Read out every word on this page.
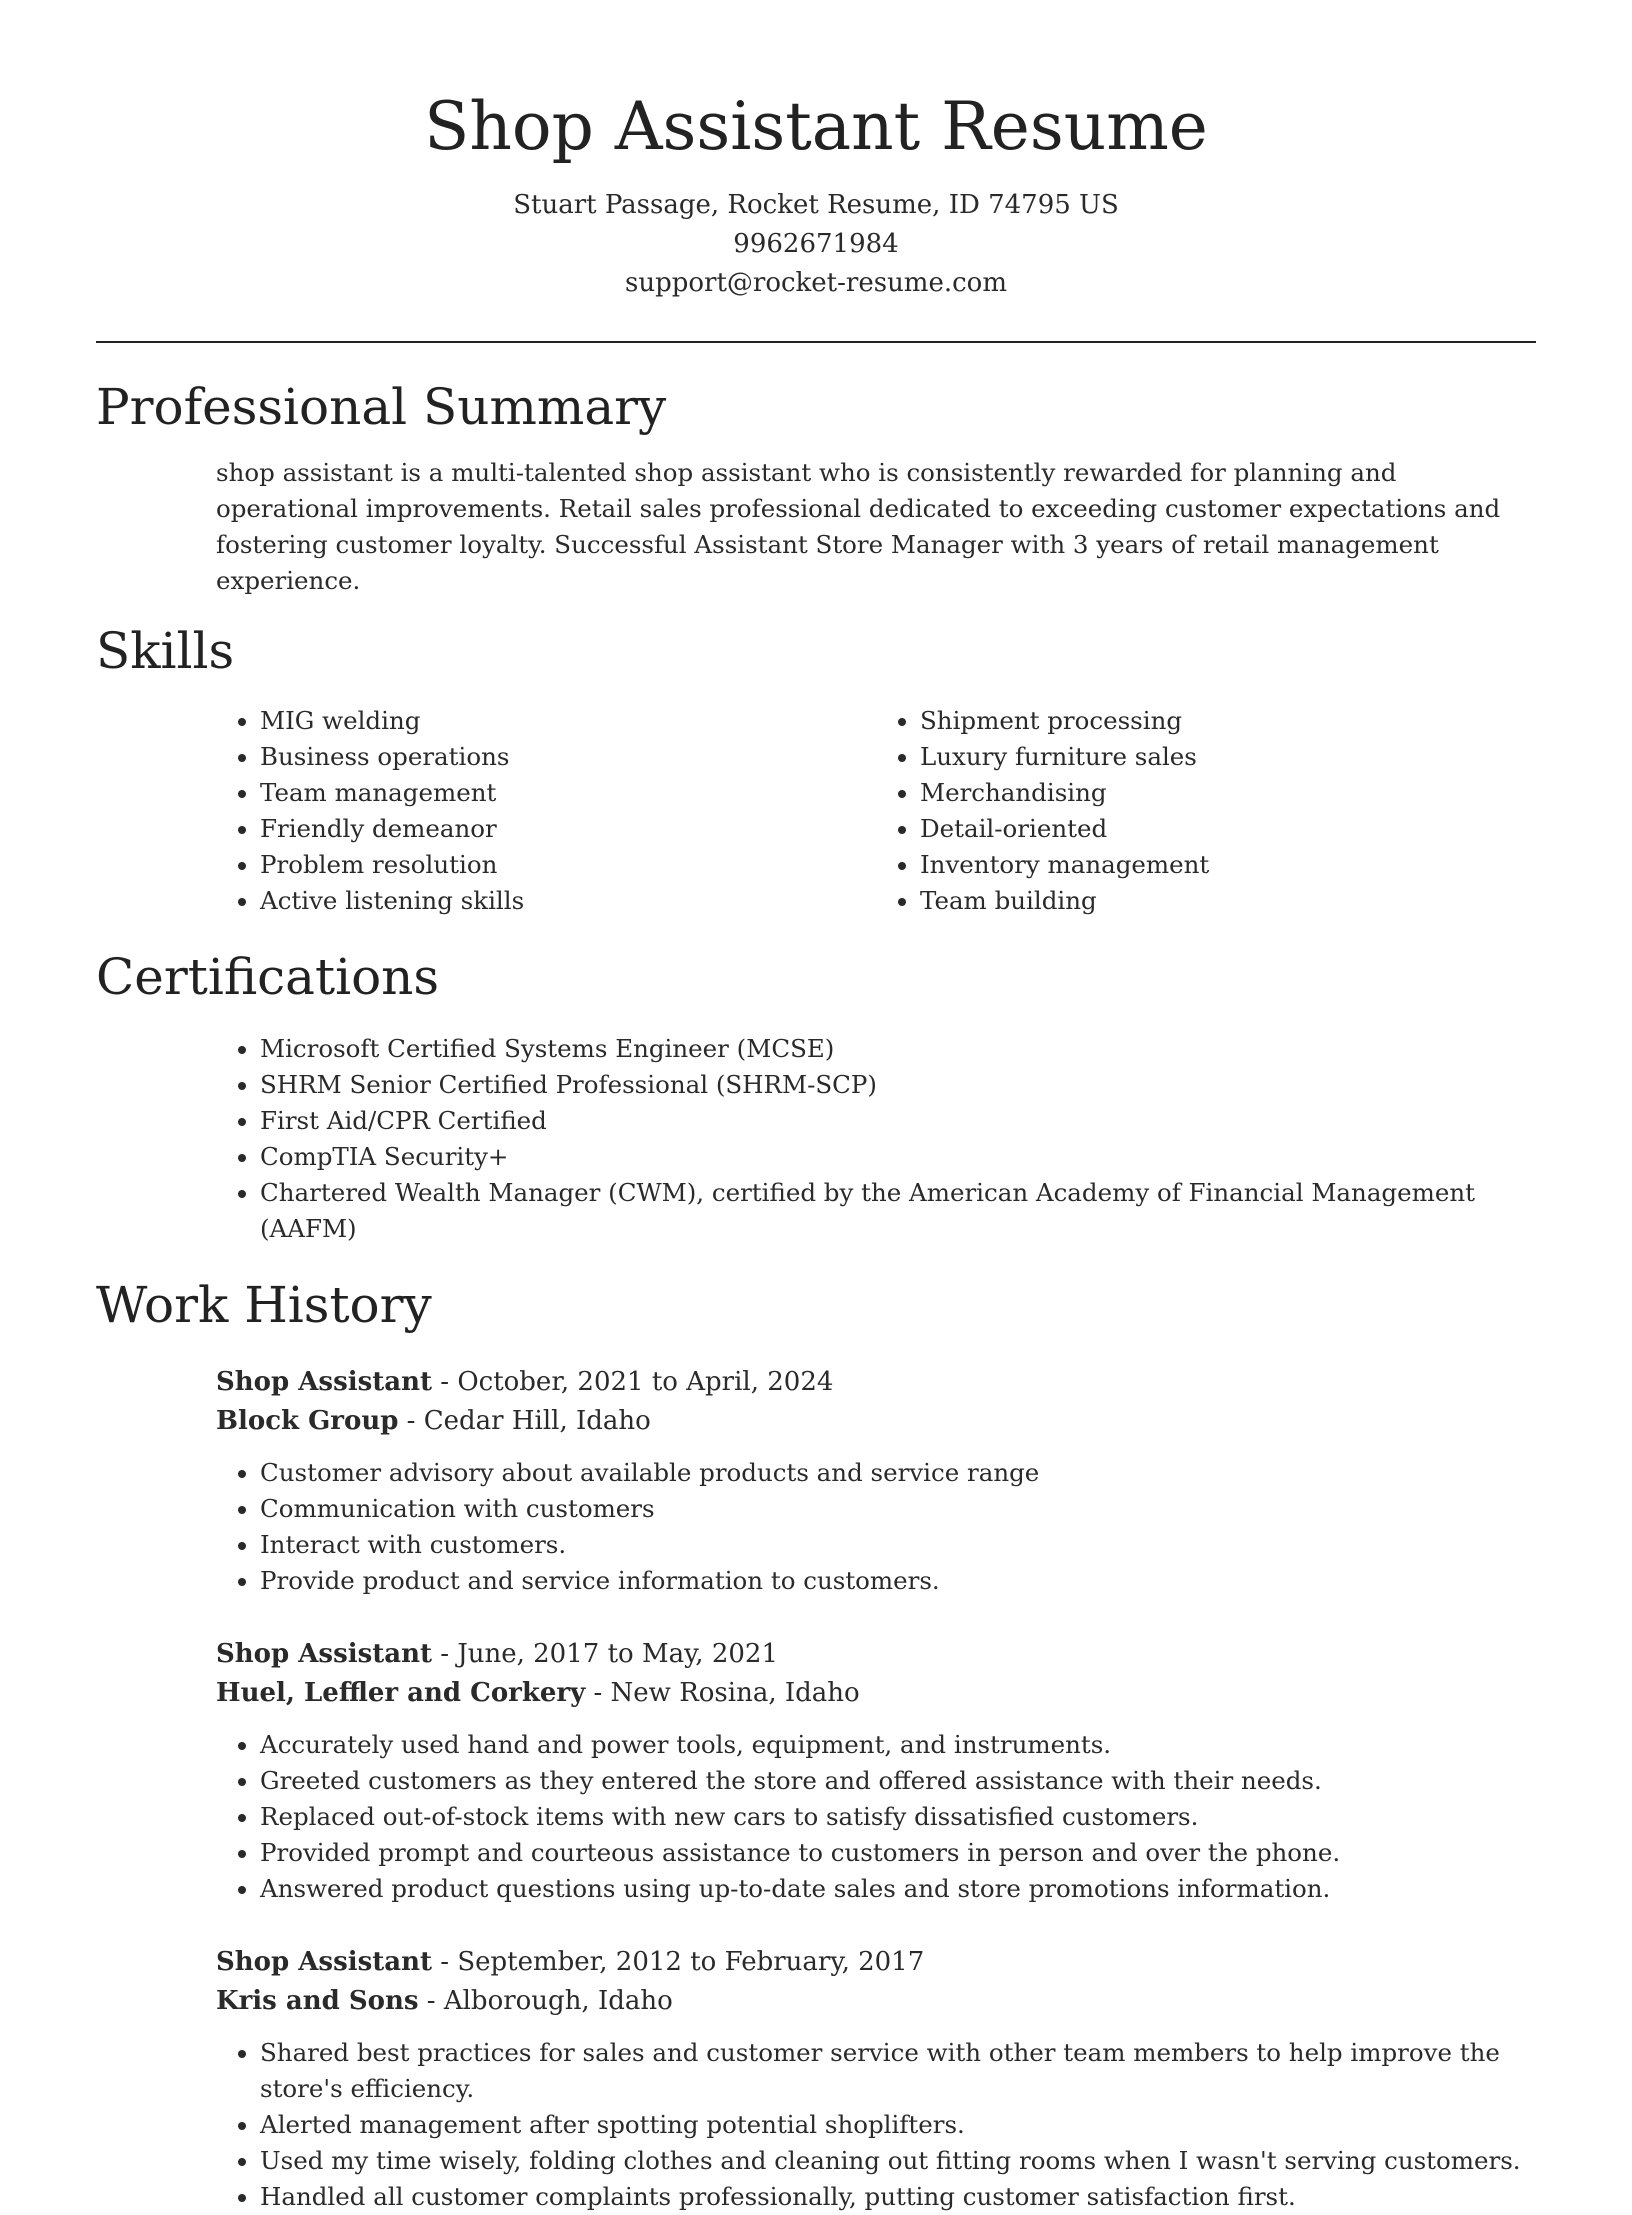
Shop Assistant Resume
Stuart Passage, Rocket Resume, ID 74795 US
9962671984
support@rocket-resume.com
Professional Summary

shop assistant is a multi-talented shop assistant who is consistently rewarded for planning and operational improvements. Retail sales professional dedicated to exceeding customer expectations and fostering customer loyalty. Successful Assistant Store Manager with 3 years of retail management experience.

Skills
• MIG welding
• Business operations
• Team management
• Friendly demeanor
• Problem resolution
• Active listening skills
• Shipment processing
• Luxury furniture sales
• Merchandising
• Detail-oriented
• Inventory management
• Team building
Certifications
• Microsoft Certified Systems Engineer (MCSE)
• SHRM Senior Certified Professional (SHRM-SCP)
• First Aid/CPR Certified
• CompTIA Security+
• Chartered Wealth Manager (CWM), certified by the American Academy of Financial Management (AAFM)
Work History
Shop Assistant - October, 2021 to April, 2024
Block Group - Cedar Hill, Idaho
• Customer advisory about available products and service range
• Communication with customers
• Interact with customers.
• Provide product and service information to customers.
Shop Assistant - June, 2017 to May, 2021
Huel, Leffler and Corkery - New Rosina, Idaho
• Accurately used hand and power tools, equipment, and instruments.
• Greeted customers as they entered the store and offered assistance with their needs.
• Replaced out-of-stock items with new cars to satisfy dissatisfied customers.
• Provided prompt and courteous assistance to customers in person and over the phone.
• Answered product questions using up-to-date sales and store promotions information.
Shop Assistant - September, 2012 to February, 2017
Kris and Sons - Alborough, Idaho
• Shared best practices for sales and customer service with other team members to help improve the store's efficiency.
• Alerted management after spotting potential shoplifters.
• Used my time wisely, folding clothes and cleaning out fitting rooms when I wasn't serving customers.
• Handled all customer complaints professionally, putting customer satisfaction first.
